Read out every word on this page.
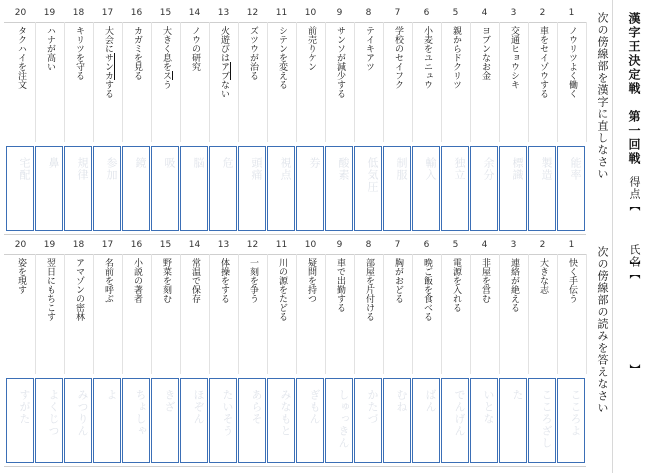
漢字王決定戦　第一回戦
得点【　　　　】
氏名【　　　　　　　】
次の傍線部を漢字に直しなさい
次の傍線部の読みを答えなさい
1
2
3
4
5
6
7
8
9
10
11
12
13
14
15
16
17
18
19
20
ノウリツよく働く
能率
車をセイゾウする
製造
交通ヒョウシキ
標識
ヨブンなお金
余分
親からドクリツ
独立
小麦をユニュウ
輸入
学校のセイフク
制服
テイキアツ
低気圧
サンソが減少する
酸素
前売りケン
券
シテンを変える
視点
ズツウが治る
頭痛
火遊びはアブない
危
ノウの研究
脳
大きく息をスう
吸
カガミを見る
鏡
大会にサンカする
参加
キリツを守る
規律
ハナが高い
鼻
タクハイを注文
宅配
1
2
3
4
5
6
7
8
9
10
11
12
13
14
15
16
17
18
19
20
快く手伝う
こころよ
大きな志
こころざし
連絡が絶える
た
非屋を営む
いとな
電源を入れる
でんげん
晩ご飯を食べる
ばん
胸がおどる
むね
部屋を片付ける
かたづ
車で出勤する
しゅっきん
疑問を持つ
ぎもん
川の源をたどる
みなもと
一刻を争う
あらそ
体操をする
たいそう
常温で保存
ほぞん
野菜を刻む
きざ
小説の著者
ちょしゃ
名前を呼ぶ
よ
アマゾンの密林
みつりん
翌日にもちこす
よくじつ
姿を現す
すがた
